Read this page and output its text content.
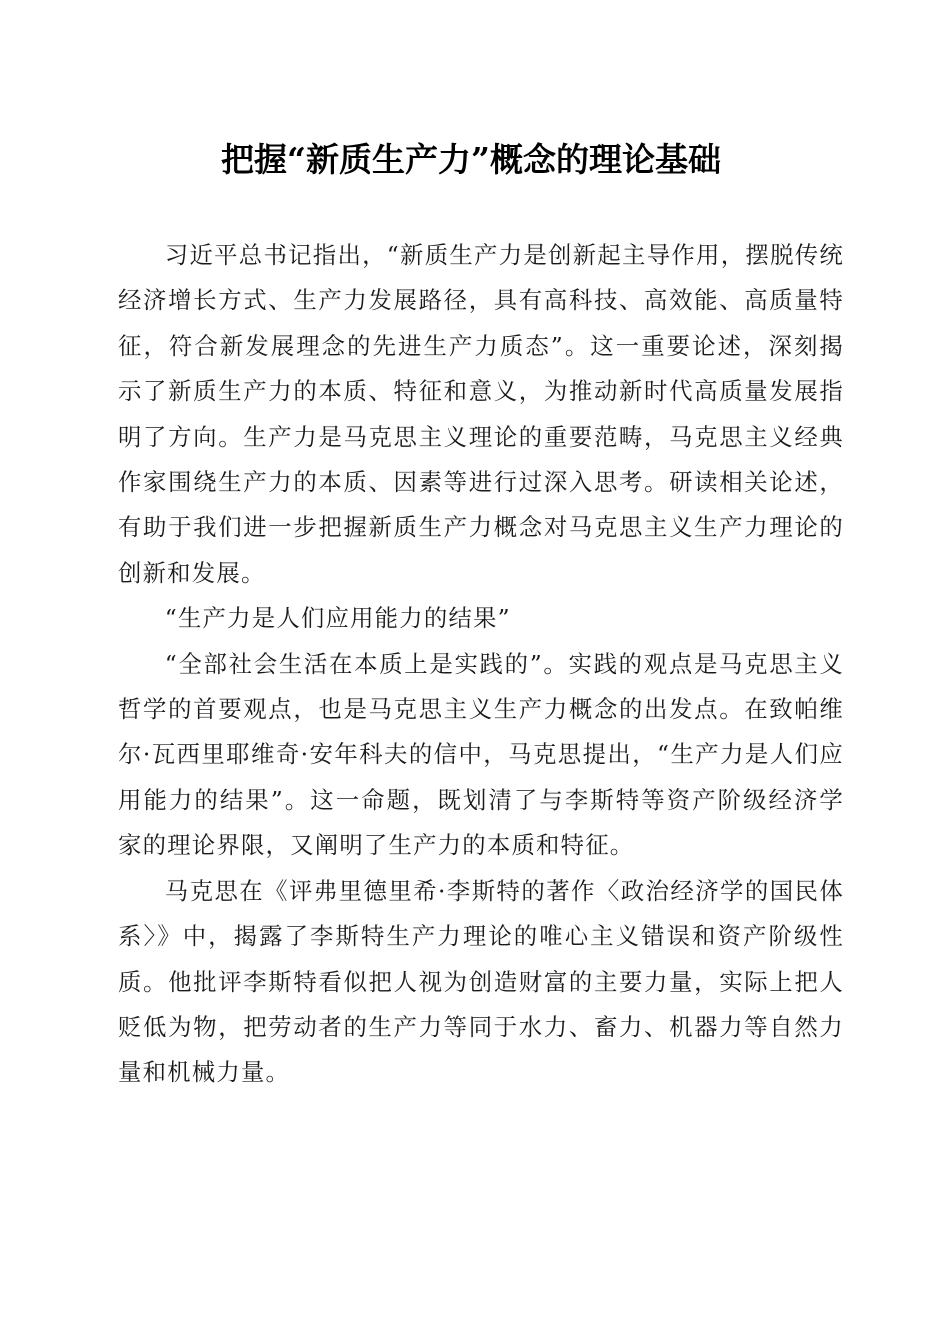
把握“新质生产力”概念的理论基础

习近平总书记指出，“新质生产力是创新起主导作用，摆脱传统经济增长方式、生产力发展路径，具有高科技、高效能、高质量特征，符合新发展理念的先进生产力质态”。这一重要论述，深刻揭示了新质生产力的本质、特征和意义，为推动新时代高质量发展指明了方向。生产力是马克思主义理论的重要范畴，马克思主义经典作家围绕生产力的本质、因素等进行过深入思考。研读相关论述，有助于我们进一步把握新质生产力概念对马克思主义生产力理论的创新和发展。

“生产力是人们应用能力的结果”

“全部社会生活在本质上是实践的”。实践的观点是马克思主义哲学的首要观点，也是马克思主义生产力概念的出发点。在致帕维尔·瓦西里耶维奇·安年科夫的信中，马克思提出，“生产力是人们应用能力的结果”。这一命题，既划清了与李斯特等资产阶级经济学家的理论界限，又阐明了生产力的本质和特征。

马克思在《评弗里德里希·李斯特的著作〈政治经济学的国民体系〉》中，揭露了李斯特生产力理论的唯心主义错误和资产阶级性质。他批评李斯特看似把人视为创造财富的主要力量，实际上把人贬低为物，把劳动者的生产力等同于水力、畜力、机器力等自然力量和机械力量。
